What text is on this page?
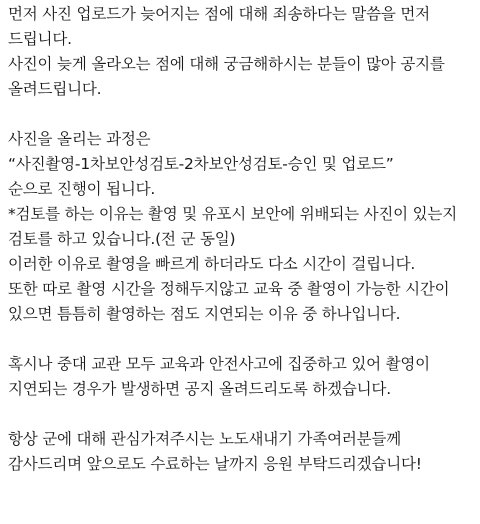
먼저 사진 업로드가 늦어지는 점에 대해 죄송하다는 말씀을 먼저
드립니다.
사진이 늦게 올라오는 점에 대해 궁금해하시는 분들이 많아 공지를
올려드립니다.
사진을 올리는 과정은
“사진촬영-1차보안성검토-2차보안성검토-승인 및 업로드”
순으로 진행이 됩니다.
*검토를 하는 이유는 촬영 및 유포시 보안에 위배되는 사진이 있는지
검토를 하고 있습니다.(전 군 동일)
이러한 이유로 촬영을 빠르게 하더라도 다소 시간이 걸립니다.
또한 따로 촬영 시간을 정해두지않고 교육 중 촬영이 가능한 시간이
있으면 틈틈히 촬영하는 점도 지연되는 이유 중 하나입니다.
혹시나 중대 교관 모두 교육과 안전사고에 집중하고 있어 촬영이
지연되는 경우가 발생하면 공지 올려드리도록 하겠습니다.
항상 군에 대해 관심가져주시는 노도새내기 가족여러분들께
감사드리며 앞으로도 수료하는 날까지 응원 부탁드리겠습니다!
